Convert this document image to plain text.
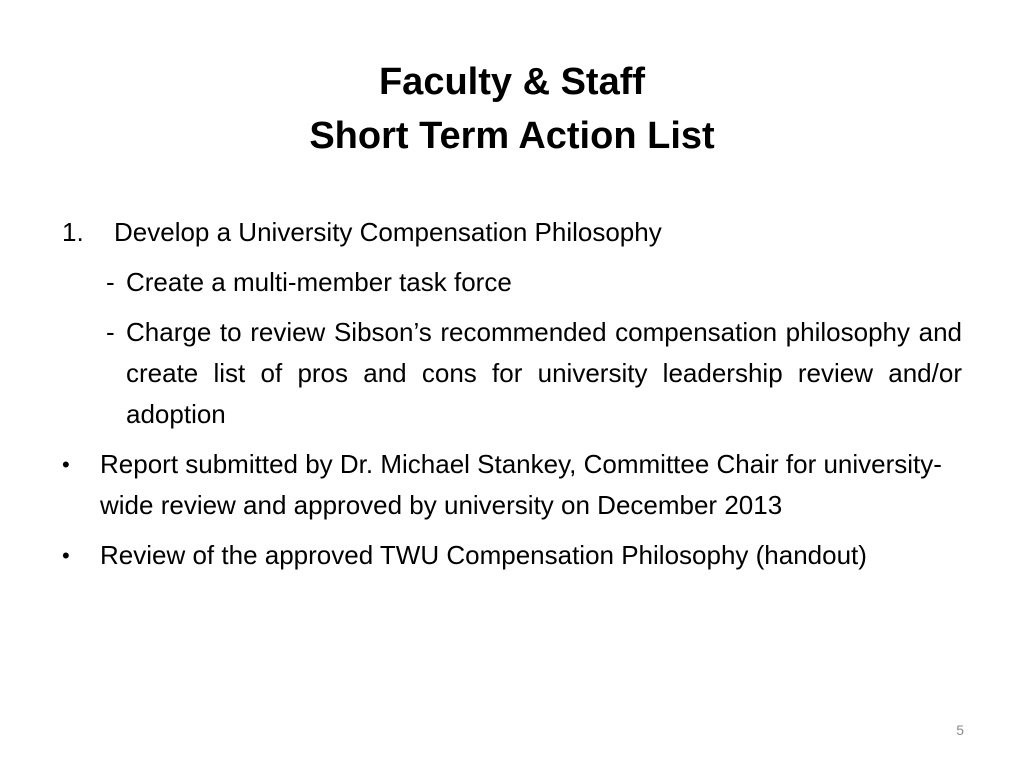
Faculty & Staff
Short Term Action List
1. Develop a University Compensation Philosophy
- Create a multi-member task force
- Charge to review Sibson’s recommended compensation philosophy and create list of pros and cons for university leadership review and/or adoption
• Report submitted by Dr. Michael Stankey, Committee Chair for university-wide review and approved by university on December 2013
• Review of the approved TWU Compensation Philosophy (handout)
5
